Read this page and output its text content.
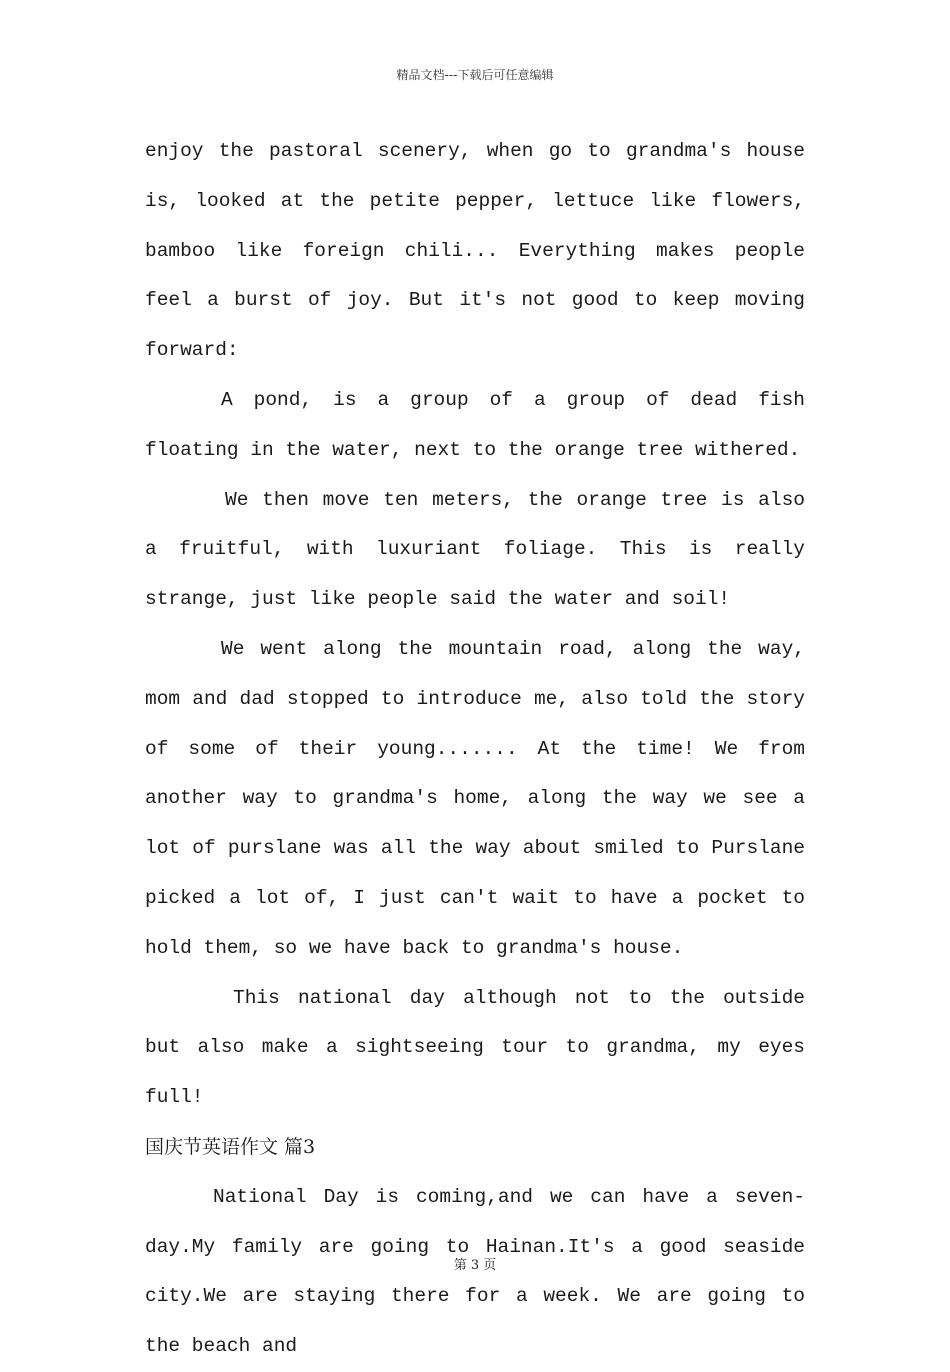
精品文档---下载后可任意编辑

enjoy the pastoral scenery, when go to grandma's house is, looked at the petite pepper, lettuce like flowers, bamboo like foreign chili... Everything makes people feel a burst of joy. But it's not good to keep moving forward:

A pond, is a group of a group of dead fish floating in the water, next to the orange tree withered.

We then move ten meters, the orange tree is also a fruitful, with luxuriant foliage. This is really strange, just like people said the water and soil!

We went along the mountain road, along the way, mom and dad stopped to introduce me, also told the story of some of their young....... At the time! We from another way to grandma's home, along the way we see a lot of purslane was all the way about smiled to Purslane picked a lot of, I just can't wait to have a pocket to hold them, so we have back to grandma's house.

This national day although not to the outside but also make a sightseeing tour to grandma, my eyes full!

国庆节英语作文 篇3

National Day is coming,and we can have a seven-day.My family are going to Hainan.It's a good seaside city.We are staying there for a week. We are going to the beach and

第 3 页
